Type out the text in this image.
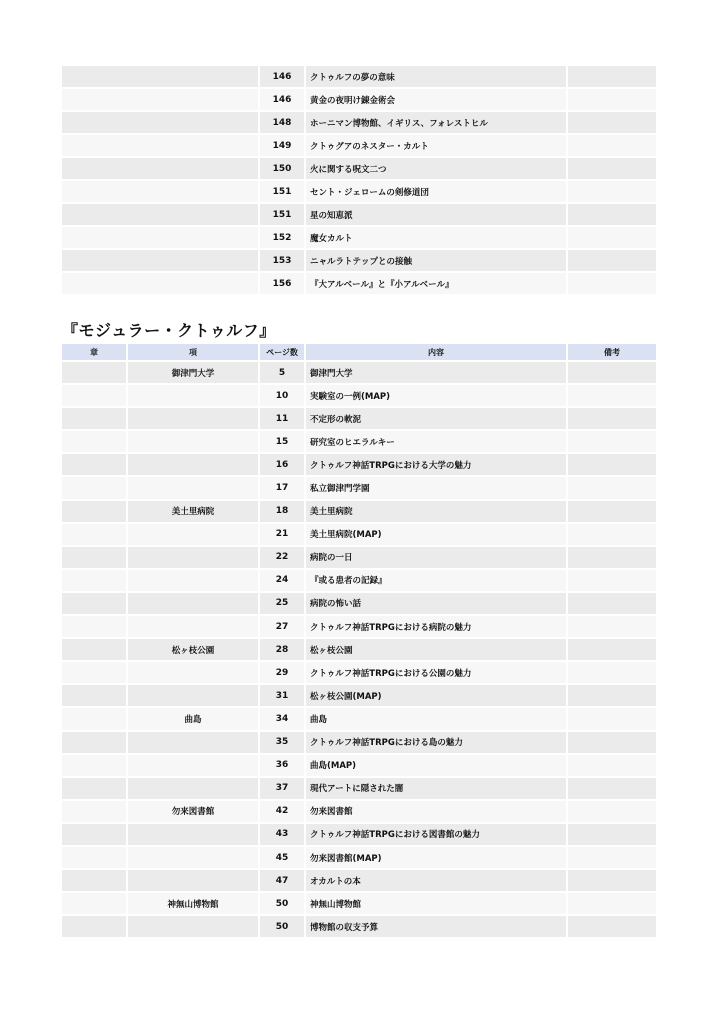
	146	クトゥルフの夢の意味	
	146	黄金の夜明け錬金術会	
	148	ホーニマン博物館、イギリス、フォレストヒル	
	149	クトゥグアのネスター・カルト	
	150	火に関する呪文二つ	
	151	セント・ジェロームの剣修道団	
	151	星の知恵派	
	152	魔女カルト	
	153	ニャルラトテップとの接触	
	156	『大アルベール』と『小アルベール』	
『モジュラー・クトゥルフ』
章	項	ページ数	内容	備考
	御津門大学	5	御津門大学	
		10	実験室の一例(MAP)	
		11	不定形の軟泥	
		15	研究室のヒエラルキー	
		16	クトゥルフ神話TRPGにおける大学の魅力	
		17	私立御津門学園	
	美土里病院	18	美土里病院	
		21	美土里病院(MAP)	
		22	病院の一日	
		24	『或る患者の記録』	
		25	病院の怖い話	
		27	クトゥルフ神話TRPGにおける病院の魅力	
	松ヶ枝公園	28	松ヶ枝公園	
		29	クトゥルフ神話TRPGにおける公園の魅力	
		31	松ヶ枝公園(MAP)	
	曲島	34	曲島	
		35	クトゥルフ神話TRPGにおける島の魅力	
		36	曲島(MAP)	
		37	現代アートに隠された闇	
	勿来図書館	42	勿来図書館	
		43	クトゥルフ神話TRPGにおける図書館の魅力	
		45	勿来図書館(MAP)	
		47	オカルトの本	
	神無山博物館	50	神無山博物館	
		50	博物館の収支予算	
